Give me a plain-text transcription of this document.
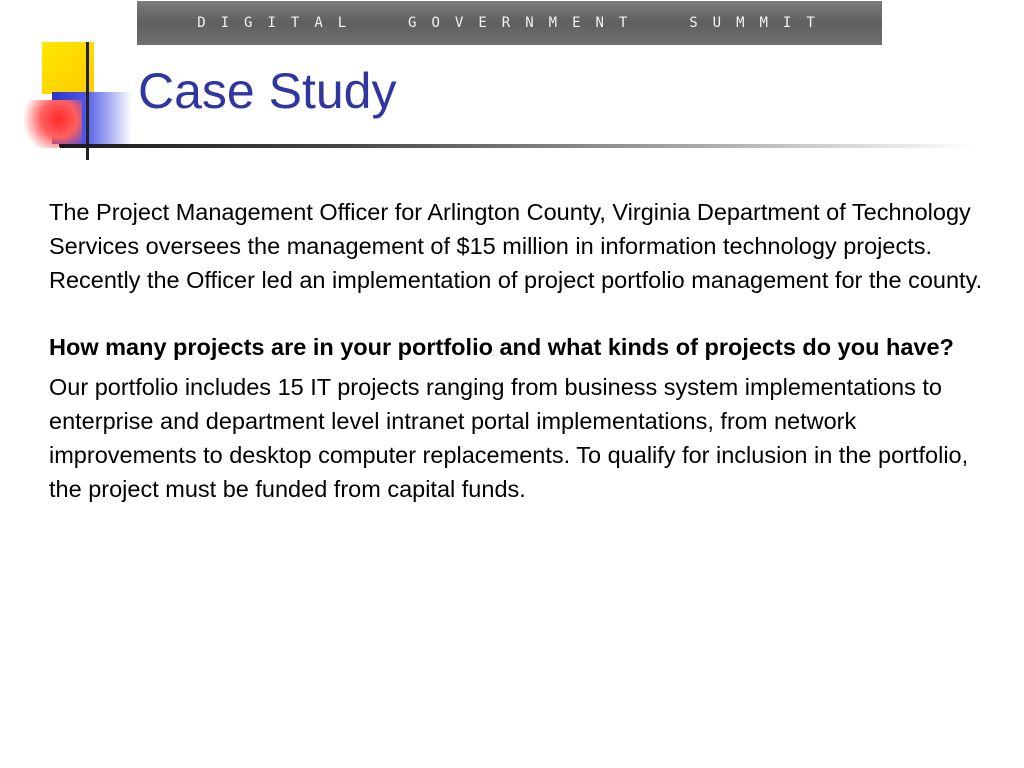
DIGITAL  GOVERNMENT  SUMMIT
Case Study

The Project Management Officer for Arlington County, Virginia Department of Technology Services oversees the management of $15 million in information technology projects. Recently the Officer led an implementation of project portfolio management for the county.

How many projects are in your portfolio and what kinds of projects do you have?

Our portfolio includes 15 IT projects ranging from business system implementations to enterprise and department level intranet portal implementations, from network improvements to desktop computer replacements. To qualify for inclusion in the portfolio, the project must be funded from capital funds.
